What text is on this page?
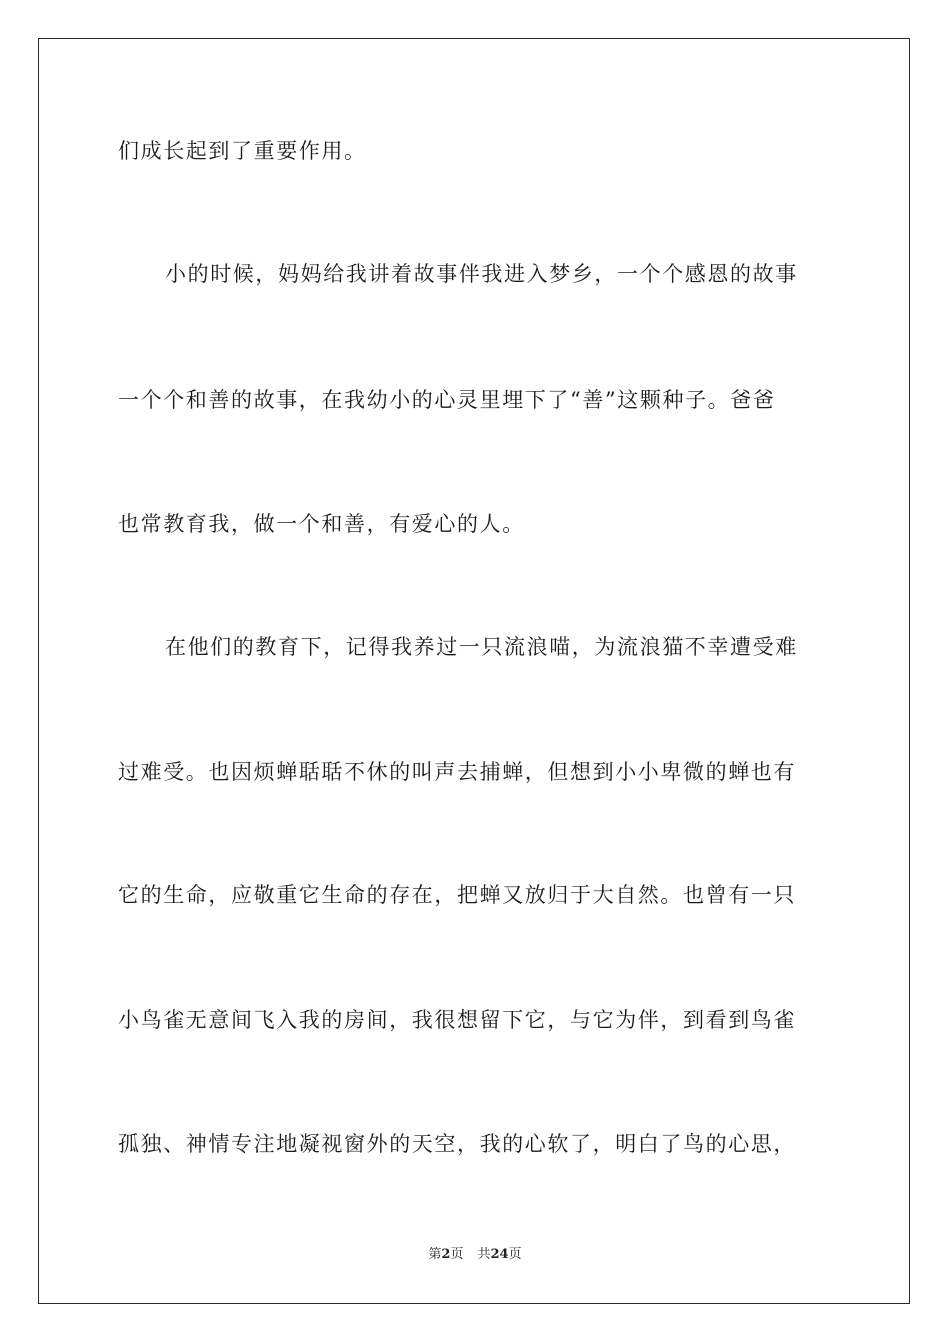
们成长起到了重要作用。
小的时候，妈妈给我讲着故事伴我进入梦乡，一个个感恩的故事
一个个和善的故事，在我幼小的心灵里埋下了“善”这颗种子。爸爸
也常教育我，做一个和善，有爱心的人。
在他们的教育下，记得我养过一只流浪喵，为流浪猫不幸遭受难
过难受。也因烦蝉聒聒不休的叫声去捕蝉，但想到小小卑微的蝉也有
它的生命，应敬重它生命的存在，把蝉又放归于大自然。也曾有一只
小鸟雀无意间飞入我的房间，我很想留下它，与它为伴，到看到鸟雀
孤独、神情专注地凝视窗外的天空，我的心软了，明白了鸟的心思，
第2页 共24页
